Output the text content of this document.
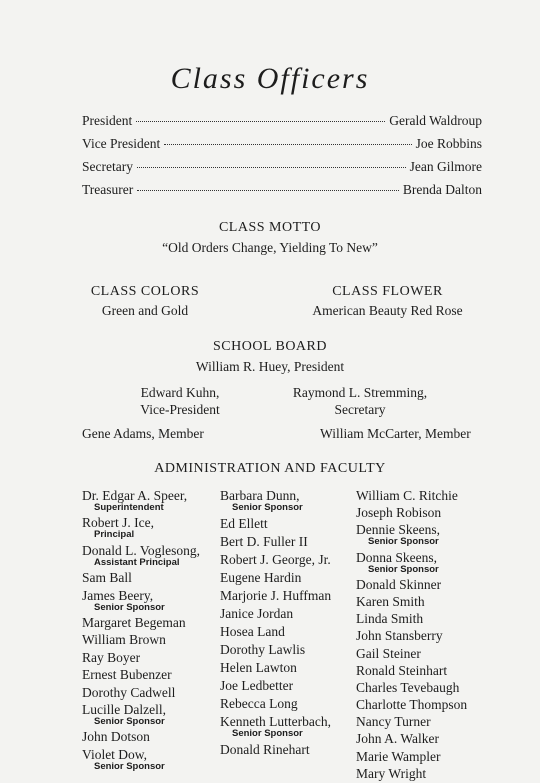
Class Officers
President	Gerald Waldroup
Vice President	Joe Robbins
Secretary	Jean Gilmore
Treasurer	Brenda Dalton
CLASS MOTTO
“Old Orders Change, Yielding To New”
CLASS COLORS
Green and Gold
CLASS FLOWER
American Beauty Red Rose
SCHOOL BOARD
William R. Huey, President
Edward Kuhn,
Vice-President
Raymond L. Stremming,
Secretary
Gene Adams, Member	William McCarter, Member
ADMINISTRATION AND FACULTY
Dr. Edgar A. Speer,
Superintendent
Robert J. Ice,
Principal
Donald L. Voglesong,
Assistant Principal
Sam Ball
James Beery,
Senior Sponsor
Margaret Begeman
William Brown
Ray Boyer
Ernest Bubenzer
Dorothy Cadwell
Lucille Dalzell,
Senior Sponsor
John Dotson
Violet Dow,
Senior Sponsor
Barbara Dunn,
Senior Sponsor
Ed Ellett
Bert D. Fuller II
Robert J. George, Jr.
Eugene Hardin
Marjorie J. Huffman
Janice Jordan
Hosea Land
Dorothy Lawlis
Helen Lawton
Joe Ledbetter
Rebecca Long
Kenneth Lutterbach,
Senior Sponsor
Donald Rinehart
William C. Ritchie
Joseph Robison
Dennie Skeens,
Senior Sponsor
Donna Skeens,
Senior Sponsor
Donald Skinner
Karen Smith
Linda Smith
John Stansberry
Gail Steiner
Ronald Steinhart
Charles Tevebaugh
Charlotte Thompson
Nancy Turner
John A. Walker
Marie Wampler
Mary Wright
